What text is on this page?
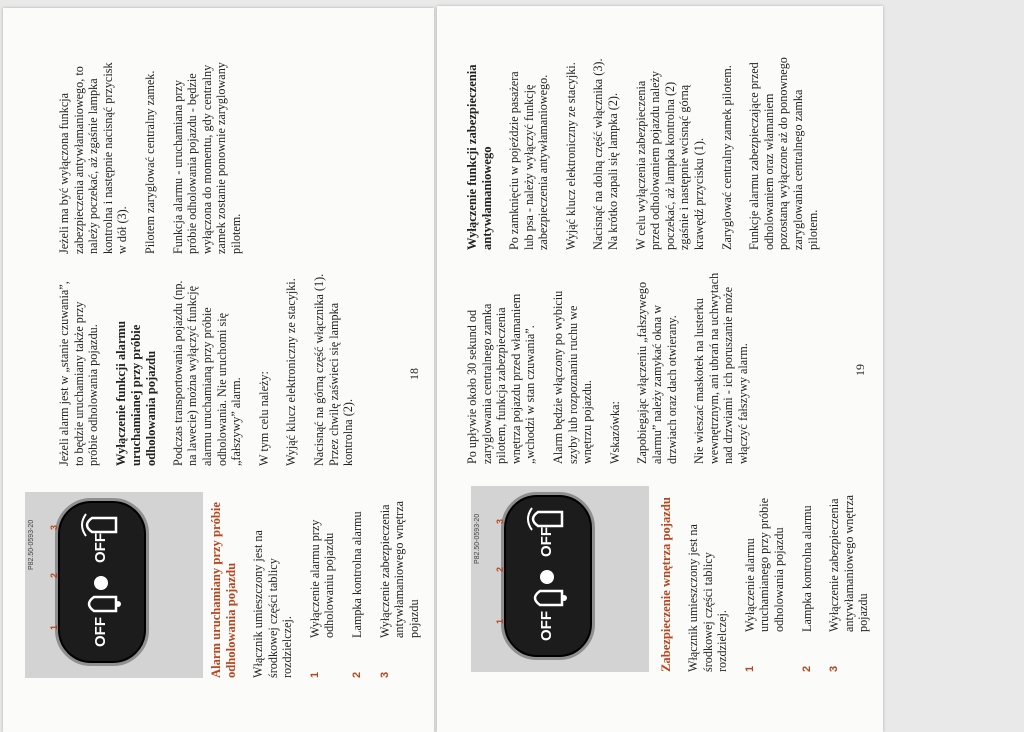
OFF
OFF
1
2
3
P82.50-0593-20	Alarm uruchamiany przy próbie odholowania pojazdu Włącznik umieszczony jest na środkowej części tablicy rozdzielczej. 1
Wyłączenie alarmu przy odholowaniu pojazdu
2
Lampka kontrolna alarmu
3
Wyłączenie zabezpieczenia antywłamaniowego wnętrza pojazdu

Jeżeli alarm jest w „stanie czuwania”, to będzie uruchamiany także przy próbie odholowania pojazdu. Wyłączenie funkcji alarmu uruchamianej przy próbie odholowania pojazdu Podczas transportowania pojazdu (np. na lawecie) można wyłączyć funkcję alarmu uruchamianą przy próbie odholowania. Nie uruchomi się „fałszywy” alarm. W tym celu należy: Wyjąć klucz elektroniczny ze stacyjki. Nacisnąć na górną część włącznika (1). Przez chwilę zaświeci się lampka kontrolna (2).

Jeżeli ma być wyłączona funkcja zabezpieczenia antywłamaniowego, to należy poczekać, aż zgaśnie lampka kontrolna i następnie nacisnąć przycisk w dół (3). Pilotem zaryglować centralny zamek. Funkcja alarmu - uruchamiana przy próbie odholowania pojazdu - będzie wyłączona do momentu, gdy centralny zamek zostanie ponownie zaryglowany pilotem.

18
OFF
OFF
1
2
3
P82.50-0593-20	Zabezpieczenie wnętrza pojazdu Włącznik umieszczony jest na środkowej części tablicy rozdzielczej. 1
Wyłączenie alarmu uruchamianego przy próbie odholowania pojazdu
2
Lampka kontrolna alarmu
3
Wyłączenie zabezpieczenia antywłamaniowego wnętrza pojazdu

Po upływie około 30 sekund od zaryglowania centralnego zamka pilotem, funkcja zabezpieczenia wnętrza pojazdu przed włamaniem „wchodzi w stan czuwania”. Alarm będzie włączony po wybiciu szyby lub rozpoznaniu ruchu we wnętrzu pojazdu. Wskazówka: Zapobiegając włączeniu „fałszywego alarmu” należy zamykać okna w drzwiach oraz dach otwierany. Nie wieszać maskotek na lusterku wewnętrznym, ani ubrań na uchwytach nad drzwiami - ich poruszanie może włączyć fałszywy alarm.

Wyłączenie funkcji zabezpieczenia antywłamaniowego Po zamknięciu w pojeździe pasażera lub psa - należy wyłączyć funkcję zabezpieczenia antywłamaniowego. Wyjąć klucz elektroniczny ze stacyjki. Nacisnąć na dolną część włącznika (3). Na krótko zapali się lampka (2). W celu wyłączenia zabezpieczenia przed odholowaniem pojazdu należy poczekać, aż lampka kontrolna (2) zgaśnie i następnie wcisnąć górną krawędź przycisku (1). Zaryglować centralny zamek pilotem. Funkcje alarmu zabezpieczające przed odholowaniem oraz włamaniem pozostaną wyłączone aż do ponownego zaryglowania centralnego zamka pilotem.

19
